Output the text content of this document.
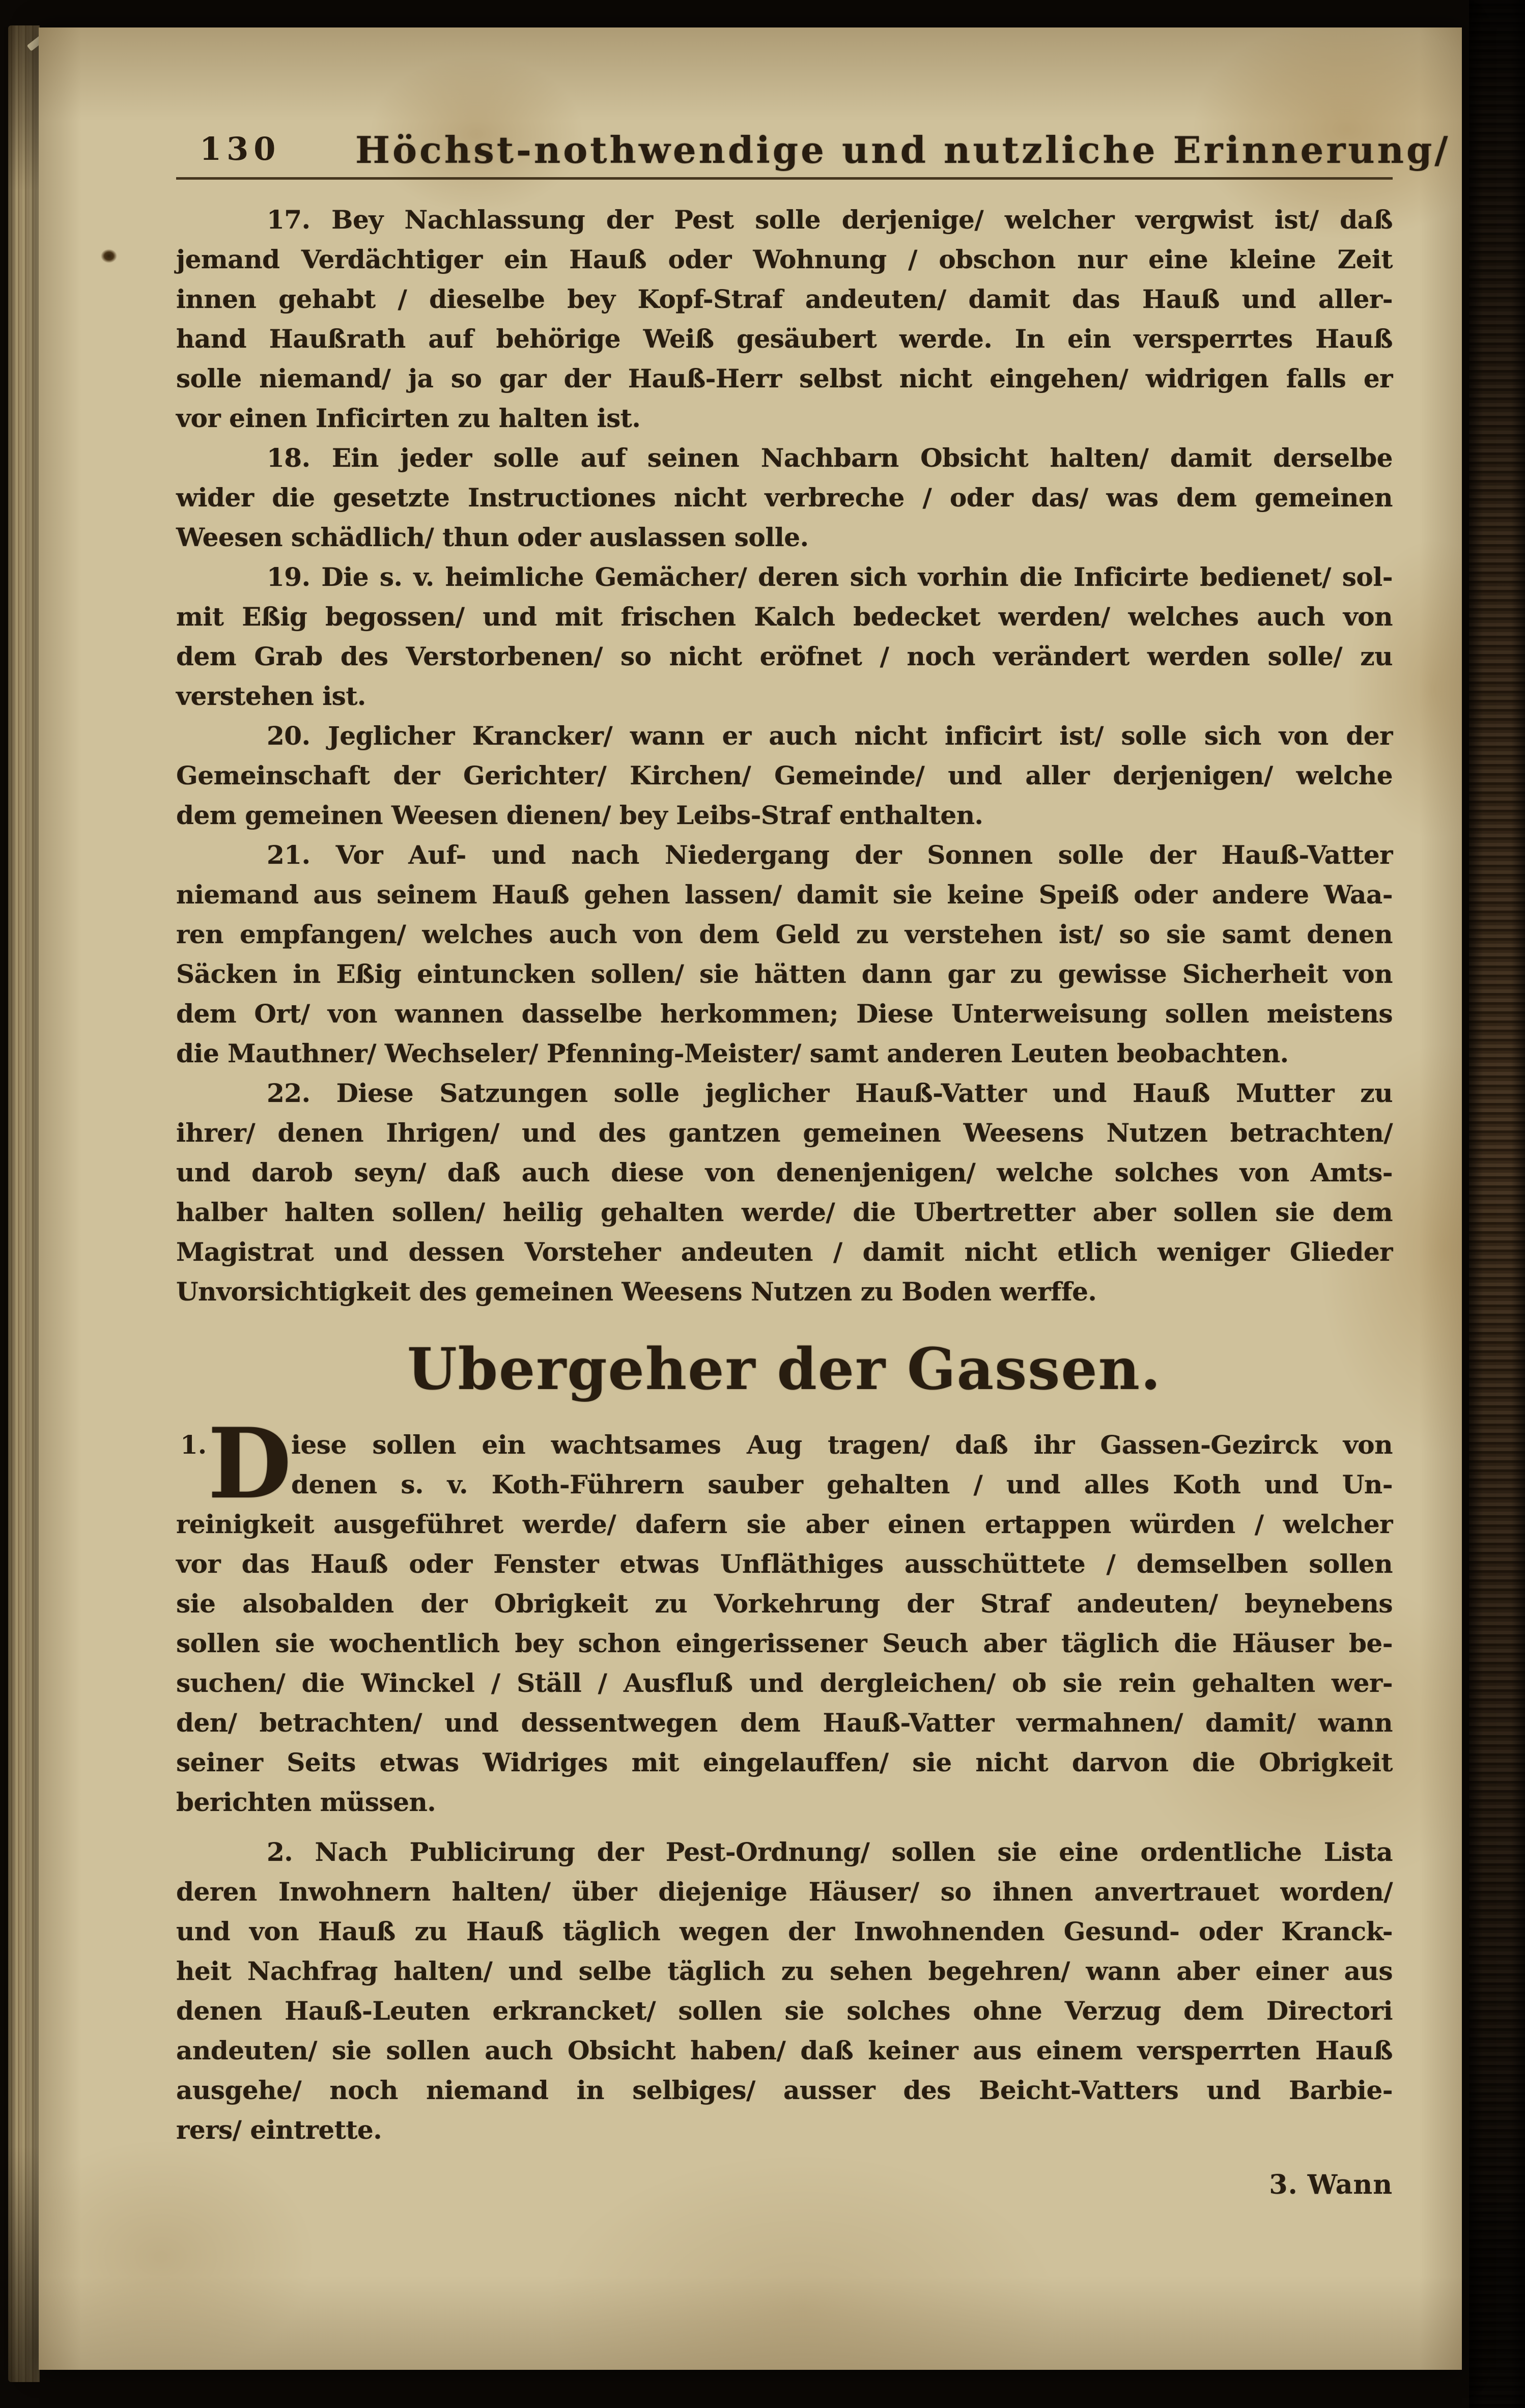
130 Höchst-nothwendige und nutzliche Erinnerung/
17. Bey Nachlassung der Pest solle derjenige/ welcher vergwist ist/ daß
jemand Verdächtiger ein Hauß oder Wohnung / obschon nur eine kleine Zeit
innen gehabt / dieselbe bey Kopf-Straf andeuten/ damit das Hauß und aller-
hand Haußrath auf behörige Weiß gesäubert werde. In ein versperrtes Hauß
solle niemand/ ja so gar der Hauß-Herr selbst nicht eingehen/ widrigen falls er
vor einen Inficirten zu halten ist.
18. Ein jeder solle auf seinen Nachbarn Obsicht halten/ damit derselbe
wider die gesetzte Instructiones nicht verbreche / oder das/ was dem gemeinen
Weesen schädlich/ thun oder auslassen solle.
19. Die s. v. heimliche Gemächer/ deren sich vorhin die Inficirte bedienet/ sol-
mit Eßig begossen/ und mit frischen Kalch bedecket werden/ welches auch von
dem Grab des Verstorbenen/ so nicht eröfnet / noch verändert werden solle/ zu
verstehen ist.
20. Jeglicher Krancker/ wann er auch nicht inficirt ist/ solle sich von der
Gemeinschaft der Gerichter/ Kirchen/ Gemeinde/ und aller derjenigen/ welche
dem gemeinen Weesen dienen/ bey Leibs-Straf enthalten.
21. Vor Auf- und nach Niedergang der Sonnen solle der Hauß-Vatter
niemand aus seinem Hauß gehen lassen/ damit sie keine Speiß oder andere Waa-
ren empfangen/ welches auch von dem Geld zu verstehen ist/ so sie samt denen
Säcken in Eßig eintuncken sollen/ sie hätten dann gar zu gewisse Sicherheit von
dem Ort/ von wannen dasselbe herkommen; Diese Unterweisung sollen meistens
die Mauthner/ Wechseler/ Pfenning-Meister/ samt anderen Leuten beobachten.
22. Diese Satzungen solle jeglicher Hauß-Vatter und Hauß Mutter zu
ihrer/ denen Ihrigen/ und des gantzen gemeinen Weesens Nutzen betrachten/
und darob seyn/ daß auch diese von denenjenigen/ welche solches von Amts-
halber halten sollen/ heilig gehalten werde/ die Ubertretter aber sollen sie dem
Magistrat und dessen Vorsteher andeuten / damit nicht etlich weniger Glieder
Unvorsichtigkeit des gemeinen Weesens Nutzen zu Boden werffe.
Ubergeher der Gassen.
1. D iese sollen ein wachtsames Aug tragen/ daß ihr Gassen-Gezirck von
denen s. v. Koth-Führern sauber gehalten / und alles Koth und Un-
reinigkeit ausgeführet werde/ dafern sie aber einen ertappen würden / welcher
vor das Hauß oder Fenster etwas Unfläthiges ausschüttete / demselben sollen
sie alsobalden der Obrigkeit zu Vorkehrung der Straf andeuten/ beynebens
sollen sie wochentlich bey schon eingerissener Seuch aber täglich die Häuser be-
suchen/ die Winckel / Ställ / Ausfluß und dergleichen/ ob sie rein gehalten wer-
den/ betrachten/ und dessentwegen dem Hauß-Vatter vermahnen/ damit/ wann
seiner Seits etwas Widriges mit eingelauffen/ sie nicht darvon die Obrigkeit
berichten müssen.
2. Nach Publicirung der Pest-Ordnung/ sollen sie eine ordentliche Lista
deren Inwohnern halten/ über diejenige Häuser/ so ihnen anvertrauet worden/
und von Hauß zu Hauß täglich wegen der Inwohnenden Gesund- oder Kranck-
heit Nachfrag halten/ und selbe täglich zu sehen begehren/ wann aber einer aus
denen Hauß-Leuten erkrancket/ sollen sie solches ohne Verzug dem Directori
andeuten/ sie sollen auch Obsicht haben/ daß keiner aus einem versperrten Hauß
ausgehe/ noch niemand in selbiges/ ausser des Beicht-Vatters und Barbie-
rers/ eintrette.
3. Wann
